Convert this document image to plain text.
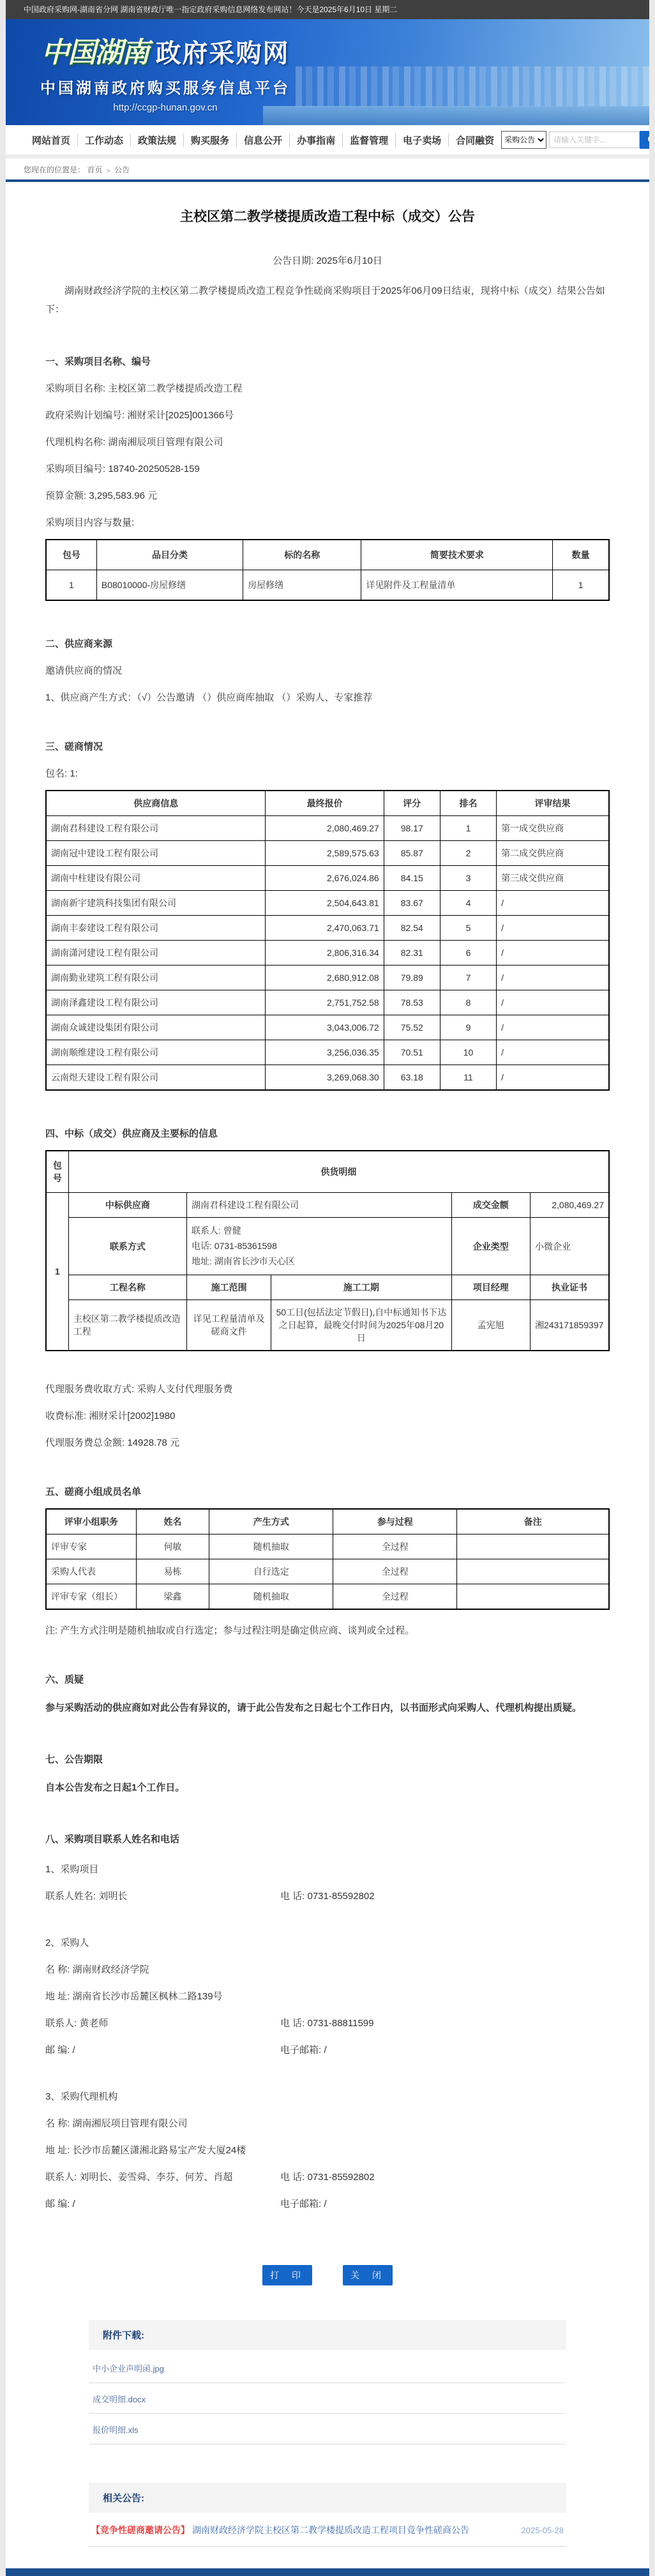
中国政府采购网-湖南省分网 湖南省财政厅唯一指定政府采购信息网络发布网站！今天是2025年6月10日 星期二
中国湖南 政府采购网
中国湖南政府购买服务信息平台
http://ccgp-hunan.gov.cn
网站首页	工作动态	政策法规	购买服务	信息公开	办事指南	监督管理	电子卖场	合同融资
采购公告
请输入关键字...
您现在的位置是： 首页 ﹥ 公告
主校区第二教学楼提质改造工程中标（成交）公告
公告日期: 2025年6月10日
湖南财政经济学院的主校区第二教学楼提质改造工程竞争性磋商采购项目于2025年06月09日结束，现将中标（成交）结果公告如下：
一、采购项目名称、编号
采购项目名称: 主校区第二教学楼提质改造工程
政府采购计划编号: 湘财采计[2025]001366号
代理机构名称: 湖南湘辰项目管理有限公司
采购项目编号: 18740-20250528-159
预算金额: 3,295,583.96 元
采购项目内容与数量:
包号	品目分类	标的名称	简要技术要求	数量
1	B08010000-房屋修缮	房屋修缮	详见附件及工程量清单	1
二、供应商来源
邀请供应商的情况
1、供应商产生方式：（√）公告邀请 （）供应商库抽取 （）采购人、专家推荐
三、磋商情况
包名: 1:
供应商信息	最终报价	评分	排名	评审结果
湖南君科建设工程有限公司	2,080,469.27	98.17	1	第一成交供应商
湖南冠中建设工程有限公司	2,589,575.63	85.87	2	第二成交供应商
湖南中柱建设有限公司	2,676,024.86	84.15	3	第三成交供应商
湖南新宇建筑科技集团有限公司	2,504,643.81	83.67	4	/
湖南丰泰建设工程有限公司	2,470,063.71	82.54	5	/
湖南潇河建设工程有限公司	2,806,316.34	82.31	6	/
湖南勤业建筑工程有限公司	2,680,912.08	79.89	7	/
湖南泽鑫建设工程有限公司	2,751,752.58	78.53	8	/
湖南众诚建设集团有限公司	3,043,006.72	75.52	9	/
湖南顺维建设工程有限公司	3,256,036.35	70.51	10	/
云南煜天建设工程有限公司	3,269,068.30	63.18	11	/
四、中标（成交）供应商及主要标的信息
包号	供货明细				
1	中标供应商	湖南君科建设工程有限公司		成交金额	2,080,469.27
	联系方式	联系人: 曾健
电话: 0731-85361598
地址: 湖南省长沙市天心区		企业类型	小微企业
	工程名称	施工范围	施工工期	项目经理	执业证书
	主校区第二教学楼提质改造工程	详见工程量清单及磋商文件	50工日(包括法定节假日),自中标通知书下达之日起算，最晚交付时间为2025年08月20日	孟宪旭	湘243171859397
代理服务费收取方式: 采购人支付代理服务费
收费标准: 湘财采计[2002]1980
代理服务费总金额: 14928.78 元
五、磋商小组成员名单
评审小组职务	姓名	产生方式	参与过程	备注
评审专家	何敏	随机抽取	全过程	
采购人代表	易栋	自行选定	全过程	
评审专家（组长）	梁鑫	随机抽取	全过程	
注: 产生方式注明是随机抽取或自行选定；参与过程注明是确定供应商、谈判或全过程。
六、质疑
参与采购活动的供应商如对此公告有异议的，请于此公告发布之日起七个工作日内，以书面形式向采购人、代理机构提出质疑。
七、公告期限
自本公告发布之日起1个工作日。
八、采购项目联系人姓名和电话
1、采购项目
联系人姓名: 刘明长	电 话: 0731-85592802
2、采购人
名 称: 湖南财政经济学院
地 址: 湖南省长沙市岳麓区枫林二路139号
联系人: 黄老师	电 话: 0731-88811599
邮 编: /	电子邮箱: /
3、采购代理机构
名 称: 湖南湘辰项目管理有限公司
地 址: 长沙市岳麓区潇湘北路易宝产发大厦24楼
联系人: 刘明长、姜雪舜、李芬、何芳、肖超	电 话: 0731-85592802
邮 编: /	电子邮箱: /
打 印	关 闭
附件下载:
中小企业声明函.jpg
成交明细.docx
报价明细.xls
相关公告:
【竞争性磋商邀请公告】 湖南财政经济学院主校区第二教学楼提质改造工程项目竞争性磋商公告	2025-05-28
